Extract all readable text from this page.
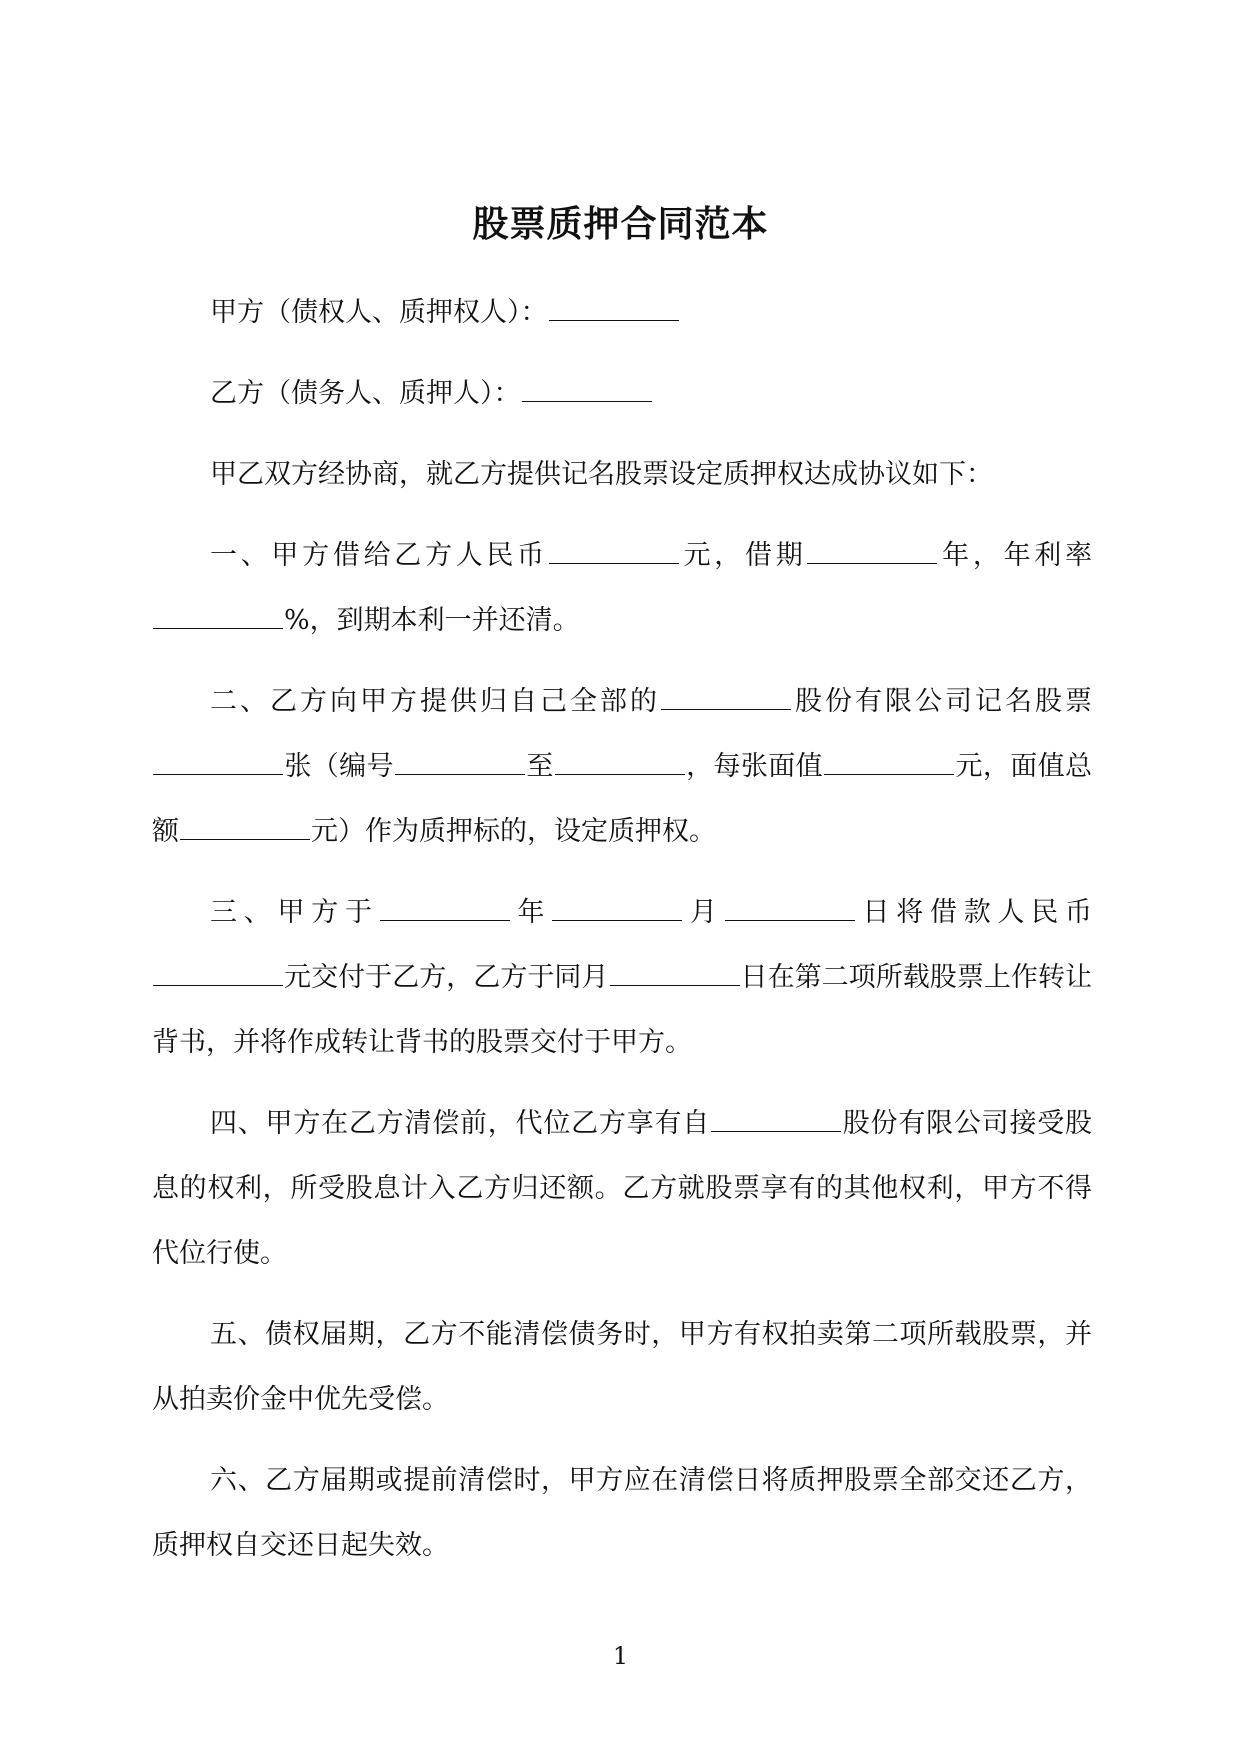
股票质押合同范本

甲方（债权人、质押权人）：

乙方（债务人、质押人）：

甲乙双方经协商，就乙方提供记名股票设定质押权达成协议如下：

一、甲方借给乙方人民币	元，借期	年，年利率%，到期本利一并还清。

二、乙方向甲方提供归自己全部的	股份有限公司记名股票张（编号	至	，每张面值	元，面值总额	元）作为质押标的，设定质押权。

三、甲方于	年	月	日将借款人民币元交付于乙方，乙方于同月	日在第二项所载股票上作转让背书，并将作成转让背书的股票交付于甲方。

四、甲方在乙方清偿前，代位乙方享有自	股份有限公司接受股息的权利，所受股息计入乙方归还额。乙方就股票享有的其他权利，甲方不得代位行使。

五、债权届期，乙方不能清偿债务时，甲方有权拍卖第二项所载股票，并从拍卖价金中优先受偿。

六、乙方届期或提前清偿时，甲方应在清偿日将质押股票全部交还乙方，质押权自交还日起失效。

1
